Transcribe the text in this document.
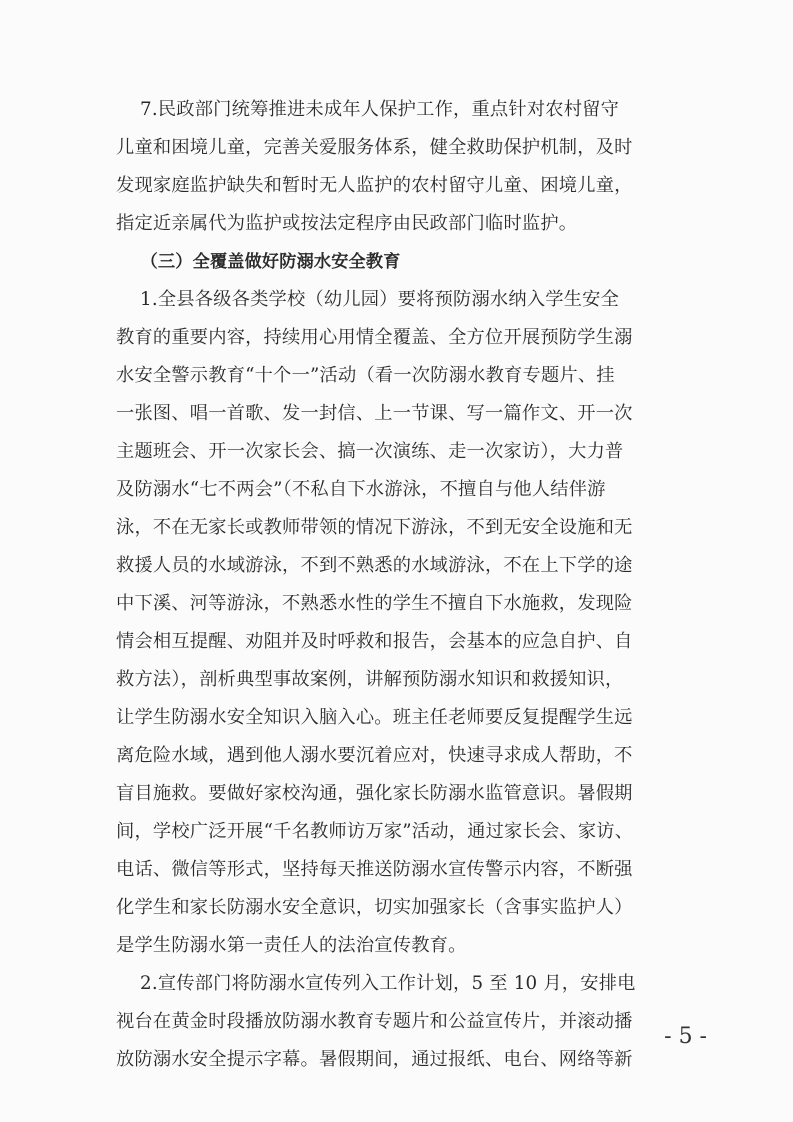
7.民政部门统筹推进未成年人保护工作，重点针对农村留守
儿童和困境儿童，完善关爱服务体系，健全救助保护机制，及时
发现家庭监护缺失和暂时无人监护的农村留守儿童、困境儿童，
指定近亲属代为监护或按法定程序由民政部门临时监护。
（三）全覆盖做好防溺水安全教育
1.全县各级各类学校（幼儿园）要将预防溺水纳入学生安全
教育的重要内容，持续用心用情全覆盖、全方位开展预防学生溺
水安全警示教育“十个一”活动（看一次防溺水教育专题片、挂
一张图、唱一首歌、发一封信、上一节课、写一篇作文、开一次
主题班会、开一次家长会、搞一次演练、走一次家访），大力普
及防溺水“七不两会”（不私自下水游泳，不擅自与他人结伴游
泳，不在无家长或教师带领的情况下游泳，不到无安全设施和无
救援人员的水域游泳，不到不熟悉的水域游泳，不在上下学的途
中下溪、河等游泳，不熟悉水性的学生不擅自下水施救，发现险
情会相互提醒、劝阻并及时呼救和报告，会基本的应急自护、自
救方法），剖析典型事故案例，讲解预防溺水知识和救援知识，
让学生防溺水安全知识入脑入心。班主任老师要反复提醒学生远
离危险水域，遇到他人溺水要沉着应对，快速寻求成人帮助，不
盲目施救。要做好家校沟通，强化家长防溺水监管意识。暑假期
间，学校广泛开展“千名教师访万家”活动，通过家长会、家访、
电话、微信等形式，坚持每天推送防溺水宣传警示内容，不断强
化学生和家长防溺水安全意识，切实加强家长（含事实监护人）
是学生防溺水第一责任人的法治宣传教育。
2.宣传部门将防溺水宣传列入工作计划，5 至 10 月，安排电
视台在黄金时段播放防溺水教育专题片和公益宣传片，并滚动播
放防溺水安全提示字幕。暑假期间，通过报纸、电台、网络等新
- 5 -
